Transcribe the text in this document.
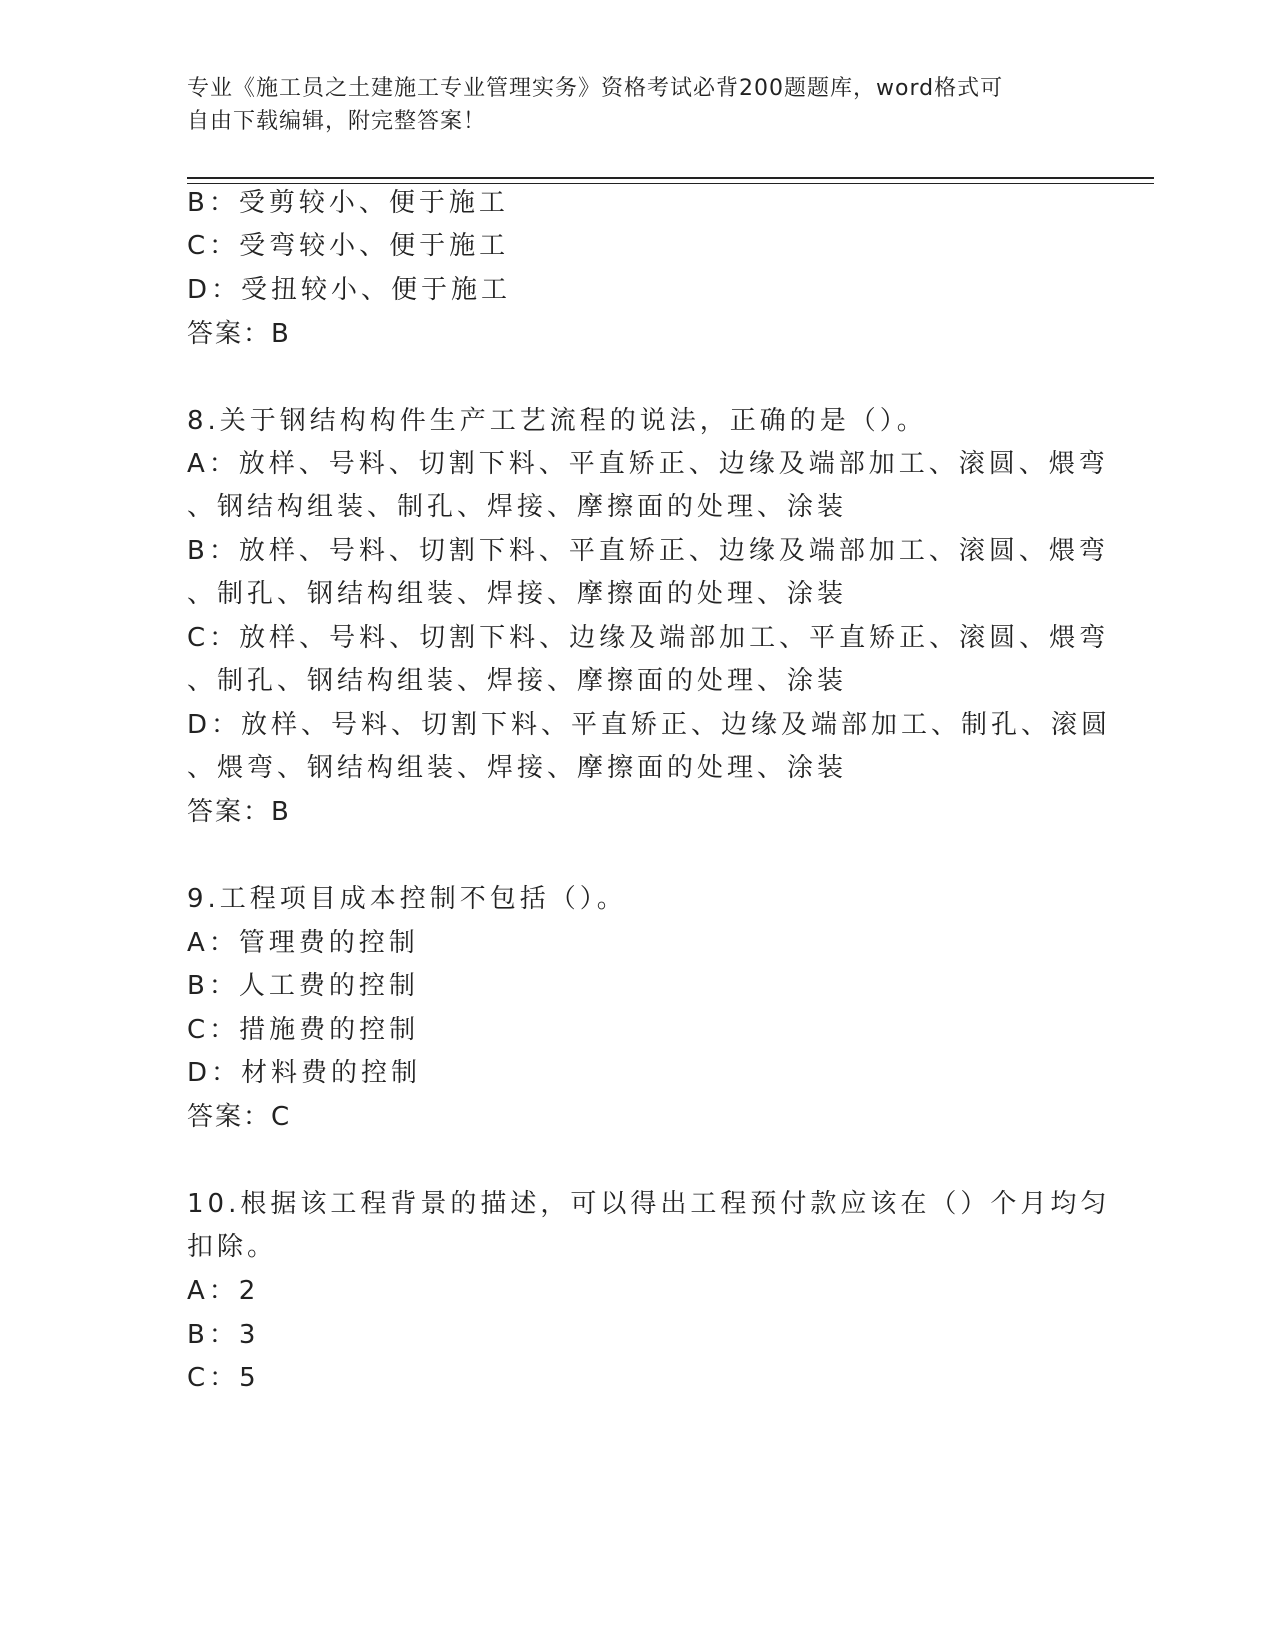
专业《施工员之土建施工专业管理实务》资格考试必背200题题库，word格式可
自由下载编辑，附完整答案！
B：受剪较小、便于施工
C：受弯较小、便于施工
D：受扭较小、便于施工
答案：B
8.关于钢结构构件生产工艺流程的说法，正确的是（）。
A：放样、号料、切割下料、平直矫正、边缘及端部加工、滚圆、煨弯
、钢结构组装、制孔、焊接、摩擦面的处理、涂装
B：放样、号料、切割下料、平直矫正、边缘及端部加工、滚圆、煨弯
、制孔、钢结构组装、焊接、摩擦面的处理、涂装
C：放样、号料、切割下料、边缘及端部加工、平直矫正、滚圆、煨弯
、制孔、钢结构组装、焊接、摩擦面的处理、涂装
D：放样、号料、切割下料、平直矫正、边缘及端部加工、制孔、滚圆
、煨弯、钢结构组装、焊接、摩擦面的处理、涂装
答案：B
9.工程项目成本控制不包括（）。
A：管理费的控制
B：人工费的控制
C：措施费的控制
D：材料费的控制
答案：C
10.根据该工程背景的描述，可以得出工程预付款应该在（）个月均匀
扣除。
A：2
B：3
C：5
